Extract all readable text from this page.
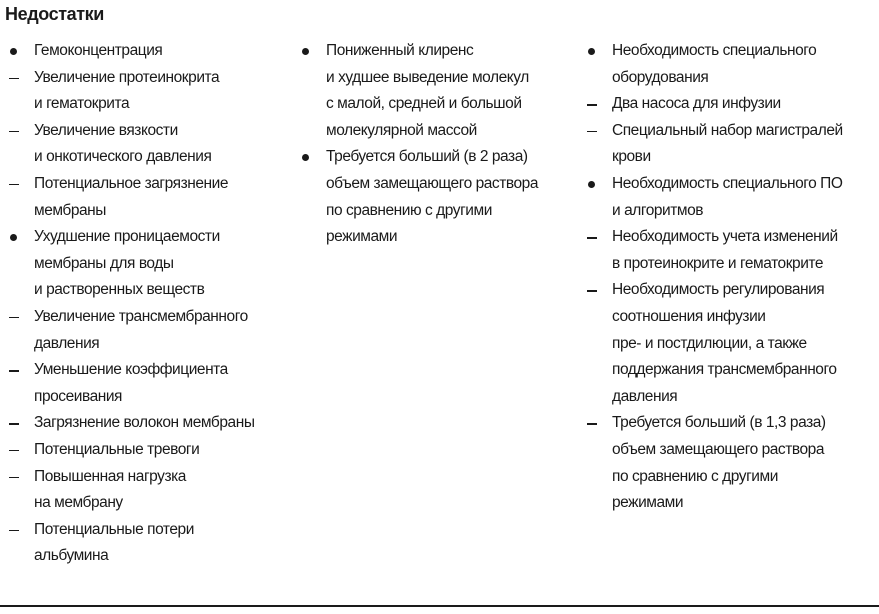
Недостатки
Гемоконцентрация
Увеличение протеинокрита
и гематокрита
Увеличение вязкости
и онкотического давления
Потенциальное загрязнение
мембраны
Ухудшение проницаемости
мембраны для воды
и растворенных веществ
Увеличение трансмембранного
давления
Уменьшение коэффициента
просеивания
Загрязнение волокон мембраны
Потенциальные тревоги
Повышенная нагрузка
на мембрану
Потенциальные потери
альбумина
Пониженный клиренс
и худшее выведение молекул
с малой, средней и большой
молекулярной массой
Требуется больший (в 2 раза)
объем замещающего раствора
по сравнению с другими
режимами
Необходимость специального
оборудования
Два насоса для инфузии
Специальный набор магистралей
крови
Необходимость специального ПО
и алгоритмов
Необходимость учета изменений
в протеинокрите и гематокрите
Необходимость регулирования
соотношения инфузии
пре- и постдилюции, а также
поддержания трансмембранного
давления
Требуется больший (в 1,3 раза)
объем замещающего раствора
по сравнению с другими
режимами
